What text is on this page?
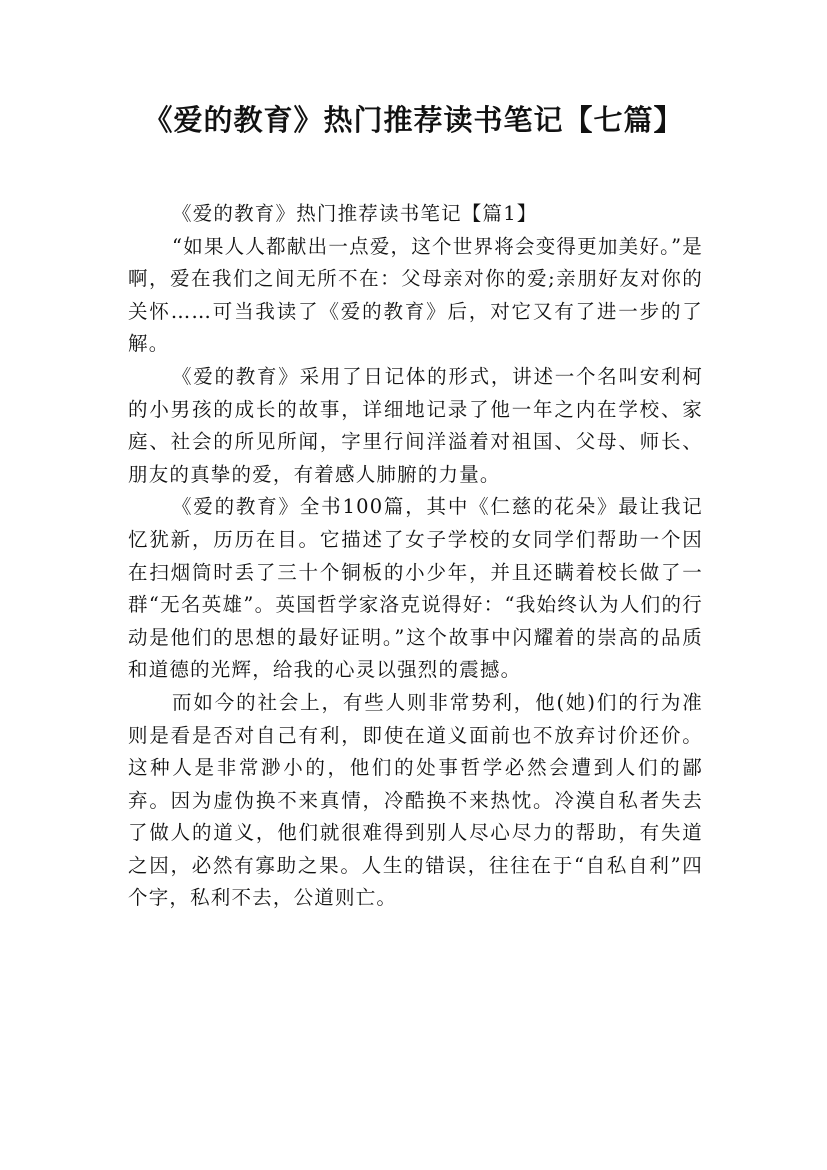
《爱的教育》热门推荐读书笔记【七篇】

《爱的教育》热门推荐读书笔记【篇1】

“如果人人都献出一点爱，这个世界将会变得更加美好。”是啊，爱在我们之间无所不在：父母亲对你的爱;亲朋好友对你的关怀……可当我读了《爱的教育》后，对它又有了进一步的了解。

《爱的教育》采用了日记体的形式，讲述一个名叫安利柯的小男孩的成长的故事，详细地记录了他一年之内在学校、家庭、社会的所见所闻，字里行间洋溢着对祖国、父母、师长、朋友的真挚的爱，有着感人肺腑的力量。

《爱的教育》全书100篇，其中《仁慈的花朵》最让我记忆犹新，历历在目。它描述了女子学校的女同学们帮助一个因在扫烟筒时丢了三十个铜板的小少年，并且还瞒着校长做了一群“无名英雄”。英国哲学家洛克说得好：“我始终认为人们的行动是他们的思想的最好证明。”这个故事中闪耀着的崇高的品质和道德的光辉，给我的心灵以强烈的震撼。

而如今的社会上，有些人则非常势利，他(她)们的行为准则是看是否对自己有利，即使在道义面前也不放弃讨价还价。这种人是非常渺小的，他们的处事哲学必然会遭到人们的鄙弃。因为虚伪换不来真情，冷酷换不来热忱。冷漠自私者失去了做人的道义，他们就很难得到别人尽心尽力的帮助，有失道之因，必然有寡助之果。人生的错误，往往在于“自私自利”四个字，私利不去，公道则亡。
